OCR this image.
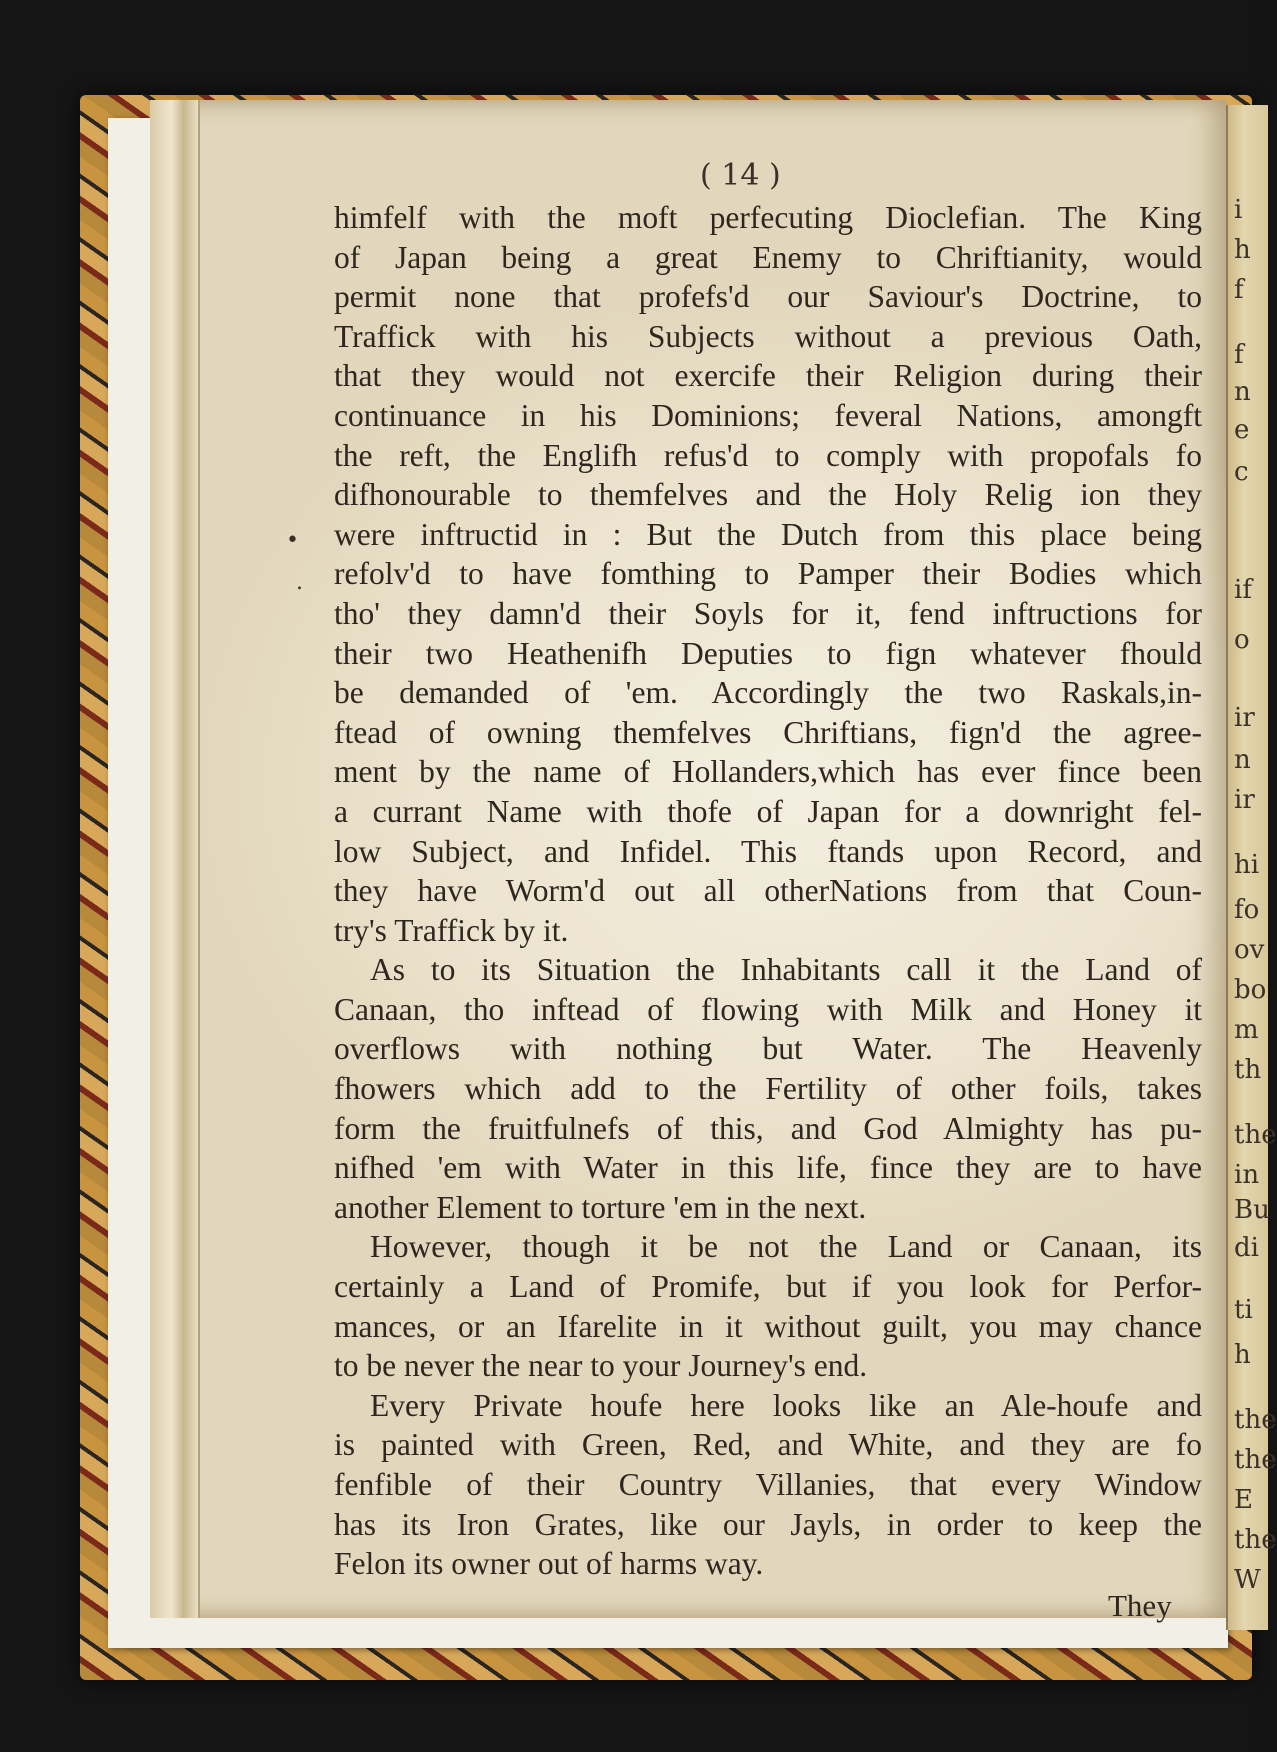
i
h
f
f
n
e
c
if
o
ir
n
ir
hi
fo
ov
bo
m
th
the
in
Bu
di
ti
h
the
the
E
the
W
•
.
( 14 )
himfelf with the moft perfecuting Dioclefian. The King
of Japan being a great Enemy to Chriftianity, would
permit none that profefs'd our Saviour's Doctrine, to
Traffick with his Subjects without a previous Oath,
that they would not exercife their Religion during their
continuance in his Dominions; feveral Nations, amongft
the reft, the Englifh refus'd to comply with propofals fo
difhonourable to themfelves and the Holy Relig ion they
were inftructid in : But the Dutch from this place being
refolv'd to have fomthing to Pamper their Bodies which
tho' they damn'd their Soyls for it, fend inftructions for
their two Heathenifh Deputies to fign whatever fhould
be demanded of 'em. Accordingly the two Raskals,in-
ftead of owning themfelves Chriftians, fign'd the agree-
ment by the name of Hollanders,which has ever fince been
a currant Name with thofe of Japan for a downright fel-
low Subject, and Infidel. This ftands upon Record, and
they have Worm'd out all otherNations from that Coun-
try's Traffick by it.
As to its Situation the Inhabitants call it the Land of
Canaan, tho inftead of flowing with Milk and Honey it
overflows with nothing but Water. The Heavenly
fhowers which add to the Fertility of other foils, takes
form the fruitfulnefs of this, and God Almighty has pu-
nifhed 'em with Water in this life, fince they are to have
another Element to torture 'em in the next.
However, though it be not the Land or Canaan, its
certainly a Land of Promife, but if you look for Perfor-
mances, or an Ifarelite in it without guilt, you may chance
to be never the near to your Journey's end.
Every Private houfe here looks like an Ale-houfe and
is painted with Green, Red, and White, and they are fo
fenfible of their Country Villanies, that every Window
has its Iron Grates, like our Jayls, in order to keep the
Felon its owner out of harms way.
They
